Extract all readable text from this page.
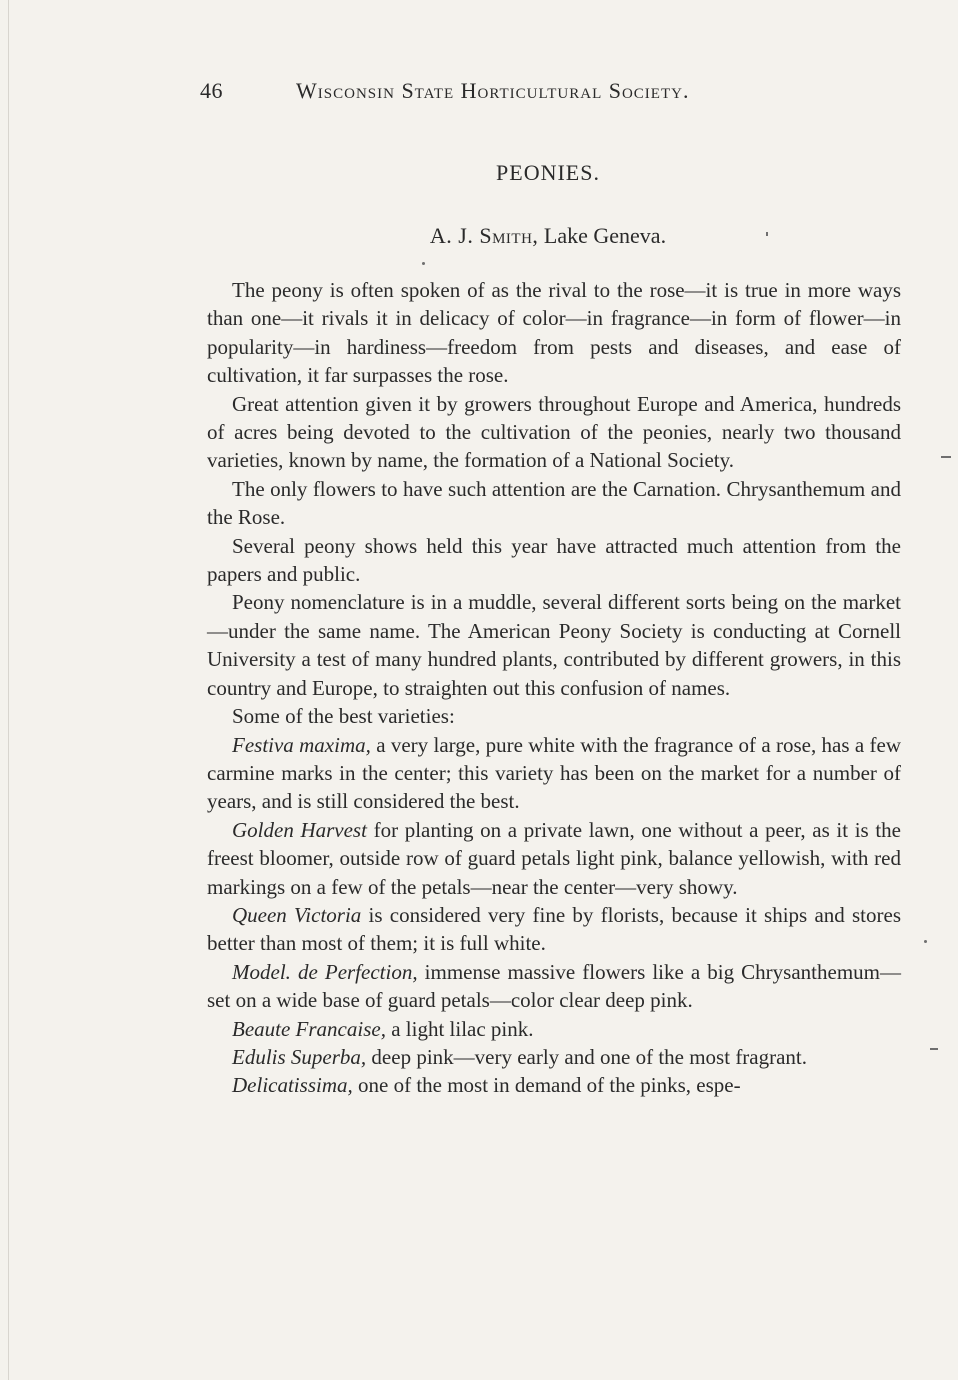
46	Wisconsin State Horticultural Society.
PEONIES.
A. J. Smith, Lake Geneva.

The peony is often spoken of as the rival to the rose—it is true in more ways than one—it rivals it in delicacy of color—in fragrance—in form of flower—in popularity—in hardiness—freedom from pests and diseases, and ease of cultivation, it far surpasses the rose.

Great attention given it by growers throughout Europe and America, hundreds of acres being devoted to the cultivation of the peonies, nearly two thousand varieties, known by name, the formation of a National Society.

The only flowers to have such attention are the Carnation. Chrysanthemum and the Rose.

Several peony shows held this year have attracted much attention from the papers and public.

Peony nomenclature is in a muddle, several different sorts being on the market—under the same name. The American Peony Society is conducting at Cornell University a test of many hundred plants, contributed by different growers, in this country and Europe, to straighten out this confusion of names.

Some of the best varieties:

Festiva maxima, a very large, pure white with the fragrance of a rose, has a few carmine marks in the center; this variety has been on the market for a number of years, and is still considered the best.

Golden Harvest for planting on a private lawn, one without a peer, as it is the freest bloomer, outside row of guard petals light pink, balance yellowish, with red markings on a few of the petals—near the center—very showy.

Queen Victoria is considered very fine by florists, because it ships and stores better than most of them; it is full white.

Model. de Perfection, immense massive flowers like a big Chrysanthemum—set on a wide base of guard petals—color clear deep pink.

Beaute Francaise, a light lilac pink.

Edulis Superba, deep pink—very early and one of the most fragrant.

Delicatissima, one of the most in demand of the pinks, espe-
